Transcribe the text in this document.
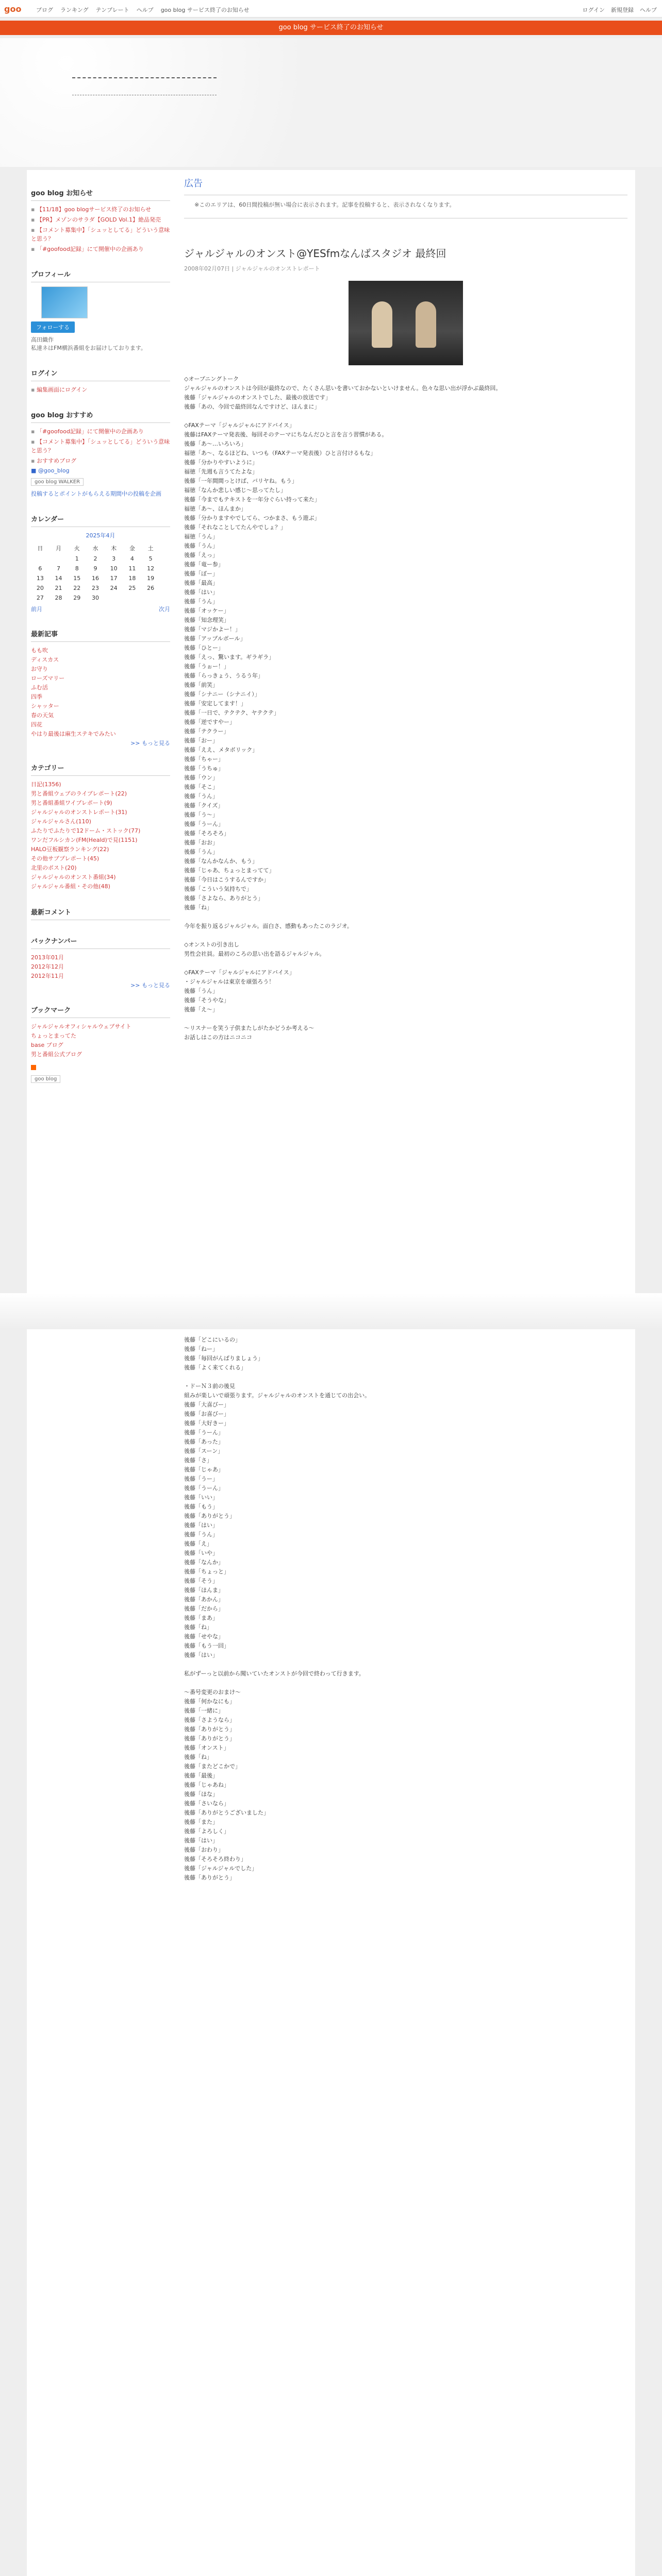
goo	ブログ ランキング テンプレート ヘルプ goo blog サービス終了のお知らせ	ログイン 新規登録 ヘルプ
goo blog サービス終了のお知らせ
goo blog お知らせ
▪ 【11/18】goo blogサービス終了のお知らせ
▪ 【PR】メゾンのサラダ【GOLD Vol.1】絶品発売
▪ 【コメント募集中】「シュッとしてる」どういう意味と思う？
▪ 「#goofood記録」にて開催中の企画あり
プロフィール
フォローする
高田織作
私達ネはFM横浜番組をお届けしております。
ログイン
▪ 編集画面にログイン
goo blog おすすめ
▪ 「#goofood記録」にて開催中の企画あり
▪ 【コメント募集中】「シュッとしてる」どういう意味と思う？
▪ おすすめブログ
■ @goo_blog
goo blog WALKER
投稿するとポイントがもらえる期間中の投稿を企画
カレンダー
2025年4月
日	月	火	水	木	金	土
		1	2	3	4	5
6	7	8	9	10	11	12
13	14	15	16	17	18	19
20	21	22	23	24	25	26
27	28	29	30			
前月	次月
最新記事
もも吹
ディスカス
お守り
ローズマリー
ふむ活
四季
シャッター
春の天気
四花
やはり最後は麻生ステキでみたい
>> もっと見る
カテゴリー
日記(1356)
男と番組ウェブのライブレポート(22)
男と番組番組ワイプレポート(9)
ジャルジャルのオンストレポート(31)
ジャルジャルさん(110)
ふたりでふたりで12ドーム・ストック(77)
ワンだフルシカン(FM(Heald)で見(1151)
HALO豆板観察ランキング(22)
その他サブプレポート(45)
北里のポスト(20)
ジャルジャルのオンスト番組(34)
ジャルジャル番組・その他(48)
最新コメント
バックナンバー
2013年01月
2012年12月
2012年11月
>> もっと見る
ブックマーク
ジャルジャルオフィシャルウェブサイト
ちょっとまってた
base ブログ
男と番組公式ブログ
goo blog
広告
※このエリアは、60日間投稿が無い場合に表示されます。記事を投稿すると、表示されなくなります。
ジャルジャルのオンスト@YESfmなんばスタジオ 最終回
2008年02月07日 | ジャルジャルのオンストレポート

◇オープニングトーク

ジャルジャルのオンストは今回が最終なので、たくさん思いを書いておかないといけません。色々な思い出が浮かぶ最終回。

後藤「ジャルジャルのオンストでした、最後の放送です」

後藤「あの、今回で最終回なんですけど、ほんまに」

◇FAXテーマ「ジャルジャルにアドバイス」

後藤はFAXテーマ発表後、毎回そのテーマにちなんだひと言を言う習慣がある。

後藤「あ〜…いろいろ」

福徳「あ〜、なるほどね、いつも（FAXテーマ発表後）ひと言付けるもな」

後藤「分かりやすいように」

福徳「先週も言うてたよな」

後藤「一年間間っとけば、バリヤね。もう」

福徳「なんか悲しい感じ〜思ってたし」

後藤「今までもテキストを一年分ぐらい持って来た」

福徳「あ〜、ほんまか」

後藤「分かりますやでしてら、つかまさ、もう遊ぶ」

後藤「それなことしてたんやでしょ？」

福徳「うん」

後藤「うん」

後藤「えっ」

後藤「竜ー参」

後藤「ぼー」

後藤「最高」

後藤「はい」

後藤「うん」

後藤「オッケー」

後藤「知念理笑」

後藤「マジかよー！」

後藤「アップルボール」

後藤「ひとー」

後藤「えっ、驚います。ギラギラ」

後藤「うぉー！」

後藤「らっきょう、うるう年」

後藤「前笑」

後藤「シナニー（シナニイ）」

後藤「安定してます！」

後藤「一日で、テクテク、ヤテクテ」

後藤「逆ですやー」

後藤「テクラー」

後藤「おー」

後藤「ええ、メタボリック」

後藤「ちゃー」

後藤「うちゅ」

後藤「ウン」

後藤「そこ」

後藤「うん」

後藤「クイズ」

後藤「う〜」

後藤「うーん」

後藤「そろそろ」

後藤「おお」

後藤「うん」

後藤「なんかなんか、もう」

後藤「じゃあ、ちょっとまってて」

後藤「今日はこうするんですか」

後藤「こういう気持ちで」

後藤「さよなら、ありがとう」

後藤「ね」

今年を振り返るジャルジャル。面白さ、感動もあったこのラジオ。

◇オンストの引き出し

男性会社員。最初のころの思い出を語るジャルジャル。

◇FAXテーマ「ジャルジャルにアドバイス」

・ジャルジャルは東京を頑張ろう！

後藤「うん」

後藤「そうやな」

後藤「え〜」

〜リスナーを笑う子供またしがたかどうか考える〜

お話しはこの方はニコニコ

後藤「どこにいるの」

後藤「ねー」

後藤「毎回がんばりましょう」

後藤「よく来てくれる」

・ドーＮ３前の後見

組みが楽しいで頑張ります。ジャルジャルのオンストを通じての出会い。

後藤「大喜びー」

後藤「お喜びー」

後藤「大好きー」

後藤「うーん」

後藤「あった」

後藤「スーン」

後藤「さ」

後藤「じゃあ」

後藤「うー」

後藤「うーん」

後藤「いい」

後藤「もう」

後藤「ありがとう」

後藤「はい」

後藤「うん」

後藤「え」

後藤「いや」

後藤「なんか」

後藤「ちょっと」

後藤「そう」

後藤「ほんま」

後藤「あかん」

後藤「だから」

後藤「まあ」

後藤「ね」

後藤「せやな」

後藤「もう一回」

後藤「はい」

私がずーっと以前から聞いていたオンストが今回で終わって行きます。

〜番号変更のおまけ〜

後藤「何かなにも」

後藤「一緒に」

後藤「さようなら」

後藤「ありがとう」

後藤「ありがとう」

後藤「オンスト」

後藤「ね」

後藤「またどこかで」

後藤「最後」

後藤「じゃあね」

後藤「ほな」

後藤「さいなら」

後藤「ありがとうございました」

後藤「また」

後藤「よろしく」

後藤「はい」

後藤「おわり」

後藤「そろそろ終わり」

後藤「ジャルジャルでした」

後藤「ありがとう」
